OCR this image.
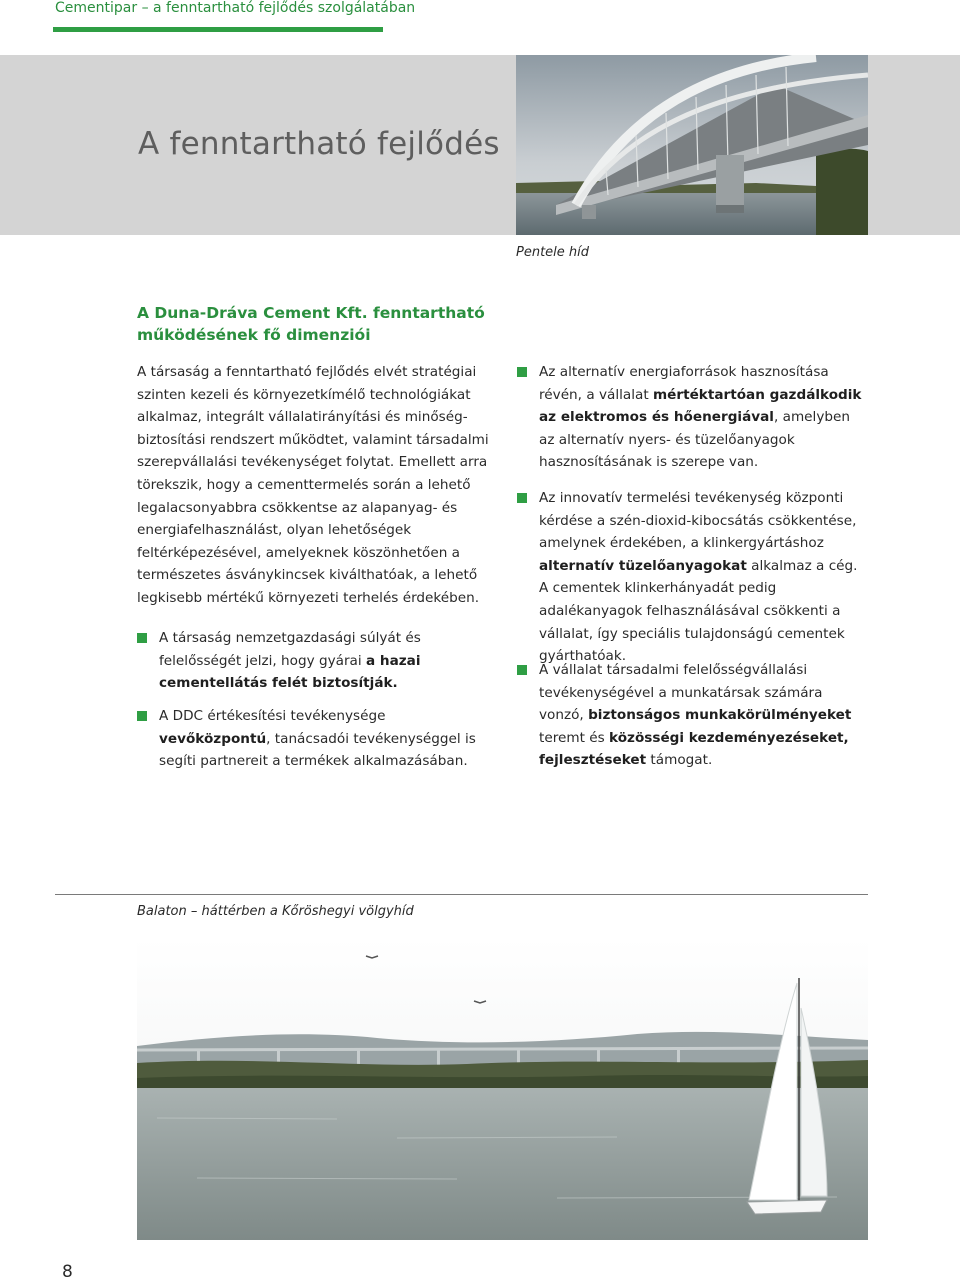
Cementipar – a fenntartható fejlődés szolgálatában
A fenntartható fejlődés
Pentele híd
A Duna-Dráva Cement Kft. fenntartható működésének fő dimenziói
A társaság a fenntartható fejlődés elvét stratégiai szinten kezeli és környezetkímélő technológiákat alkalmaz, integrált vállalatirányítási és minőség-biztosítási rendszert működtet, valamint társadalmi szerepvállalási tevékenységet folytat. Emellett arra törekszik, hogy a cementtermelés során a lehető legalacsonyabbra csökkentse az alapanyag- és energiafelhasználást, olyan lehetőségek feltérképezésével, amelyeknek köszönhetően a természetes ásványkincsek kiválthatóak, a lehető legkisebb mértékű környezeti terhelés érdekében.
A társaság nemzetgazdasági súlyát és felelősségét jelzi, hogy gyárai a hazai cementellátás felét biztosítják.
A DDC értékesítési tevékenysége vevőközpontú, tanácsadói tevékenységgel is segíti partnereit a termékek alkalmazásában.
Az alternatív energiaforrások hasznosítása révén, a vállalat mértéktartóan gazdálkodik az elektromos és hőenergiával, amelyben az alternatív nyers- és tüzelőanyagok hasznosításának is szerepe van.
Az innovatív termelési tevékenység központi kérdése a szén-dioxid-kibocsátás csökkentése, amelynek érdekében, a klinkergyártáshoz alternatív tüzelőanyagokat alkalmaz a cég. A cementek klinkerhányadát pedig adalékanyagok felhasználásával csökkenti a vállalat, így speciális tulajdonságú cementek gyárthatóak.
A vállalat társadalmi felelősségvállalási tevékenységével a munkatársak számára vonzó, biztonságos munkakörülményeket teremt és közösségi kezdeményezéseket, fejlesztéseket támogat.
Balaton – háttérben a Kőröshegyi völgyhíd
8
